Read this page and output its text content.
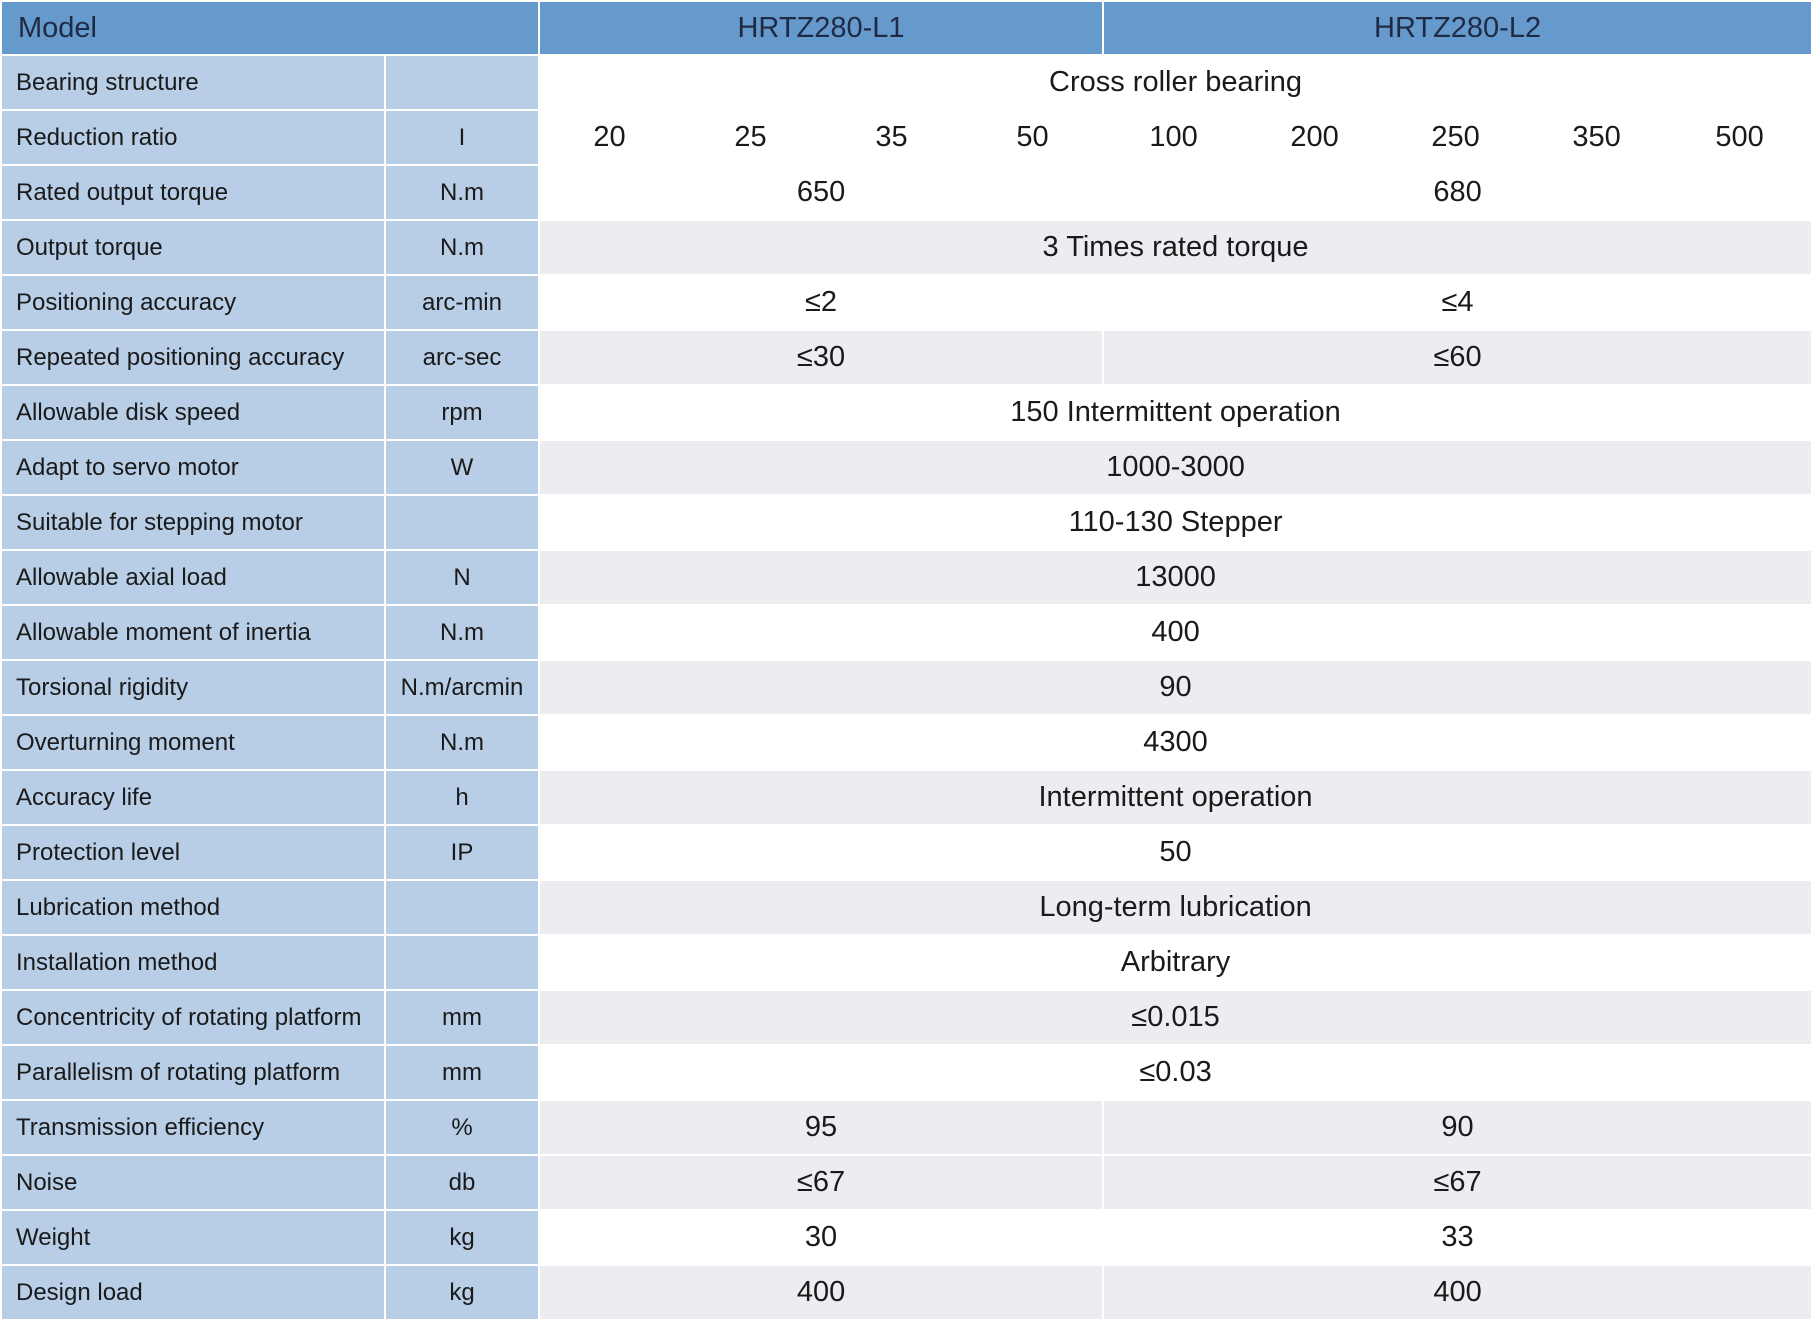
Model		HRTZ280-L1				HRTZ280-L2				
Bearing structure		Cross roller bearing								
Reduction ratio	I	20	25	35	50	100	200	250	350	500
Rated output torque	N.m	650				680				
Output torque	N.m	3 Times rated torque								
Positioning accuracy	arc-min	≤2				≤4				
Repeated positioning accuracy	arc-sec	≤30				≤60				
Allowable disk speed	rpm	150 Intermittent operation								
Adapt to servo motor	W	1000-3000								
Suitable for stepping motor		110-130 Stepper								
Allowable axial load	N	13000								
Allowable moment of inertia	N.m	400								
Torsional rigidity	N.m/arcmin	90								
Overturning moment	N.m	4300								
Accuracy life	h	Intermittent operation								
Protection level	IP	50								
Lubrication method		Long-term lubrication								
Installation method		Arbitrary								
Concentricity of rotating platform	mm	≤0.015								
Parallelism of rotating platform	mm	≤0.03								
Transmission efficiency	%	95				90				
Noise	db	≤67				≤67				
Weight	kg	30				33				
Design load	kg	400				400				
